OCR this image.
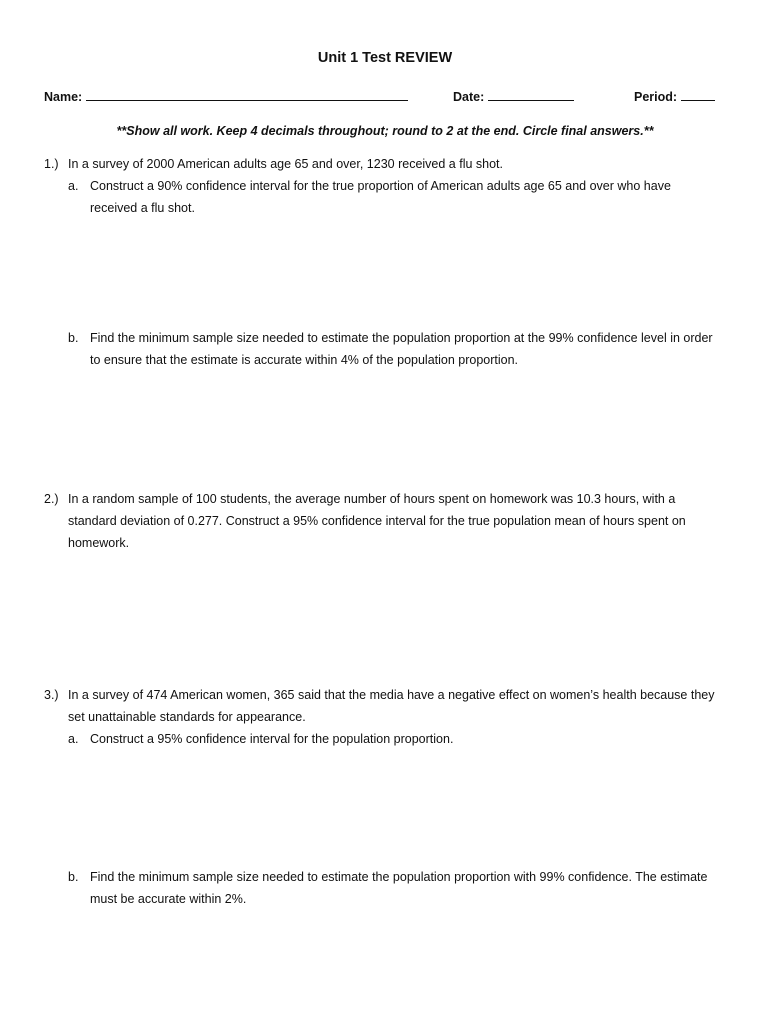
Unit 1 Test REVIEW
Name:	Date:	Period:
**Show all work. Keep 4 decimals throughout; round to 2 at the end. Circle final answers.**
1.) In a survey of 2000 American adults age 65 and over, 1230 received a flu shot.
a. Construct a 90% confidence interval for the true proportion of American adults age 65 and over who have received a flu shot.
b. Find the minimum sample size needed to estimate the population proportion at the 99% confidence level in order to ensure that the estimate is accurate within 4% of the population proportion.
2.) In a random sample of 100 students, the average number of hours spent on homework was 10.3 hours, with a standard deviation of 0.277. Construct a 95% confidence interval for the true population mean of hours spent on homework.
3.) In a survey of 474 American women, 365 said that the media have a negative effect on women’s health because they set unattainable standards for appearance.
a. Construct a 95% confidence interval for the population proportion.
b. Find the minimum sample size needed to estimate the population proportion with 99% confidence. The estimate must be accurate within 2%.
